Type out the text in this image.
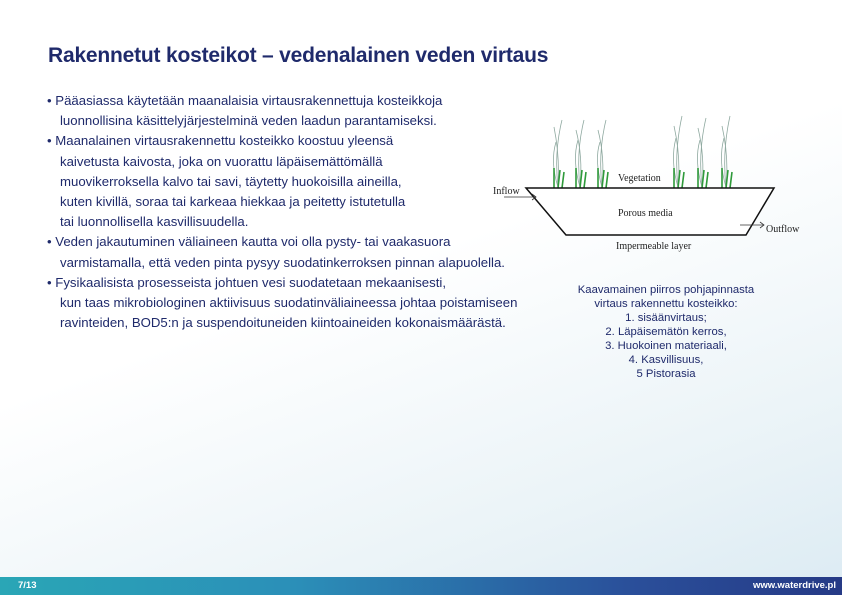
Rakennetut kosteikot – vedenalainen veden virtaus
• Pääasiassa käytetään maanalaisia virtausrakennettuja kosteikkoja
luonnollisina käsittelyjärjestelminä veden laadun parantamiseksi.
• Maanalainen virtausrakennettu kosteikko koostuu yleensä
kaivetusta kaivosta, joka on vuorattu läpäisemättömällä
muovikerroksella kalvo tai savi, täytetty huokoisilla aineilla,
kuten kivillä, soraa tai karkeaa hiekkaa ja peitetty istutetulla
tai luonnollisella kasvillisuudella.
• Veden jakautuminen väliaineen kautta voi olla pysty- tai vaakasuora
varmistamalla, että veden pinta pysyy suodatinkerroksen pinnan alapuolella.
• Fysikaalisista prosesseista johtuen vesi suodatetaan mekaanisesti,
kun taas mikrobiologinen aktiivisuus suodatinväliaineessa johtaa poistamiseen
ravinteiden, BOD5:n ja suspendoituneiden kiintoaineiden kokonaismäärästä.
Vegetation
Inflow
Porous media
Outflow
Impermeable layer
Kaavamainen piirros pohjapinnasta
virtaus rakennettu kosteikko:
1. sisäänvirtaus;
2. Läpäisemätön kerros,
3. Huokoinen materiaali,
4. Kasvillisuus,
5 Pistorasia
7/13	www.waterdrive.pl
